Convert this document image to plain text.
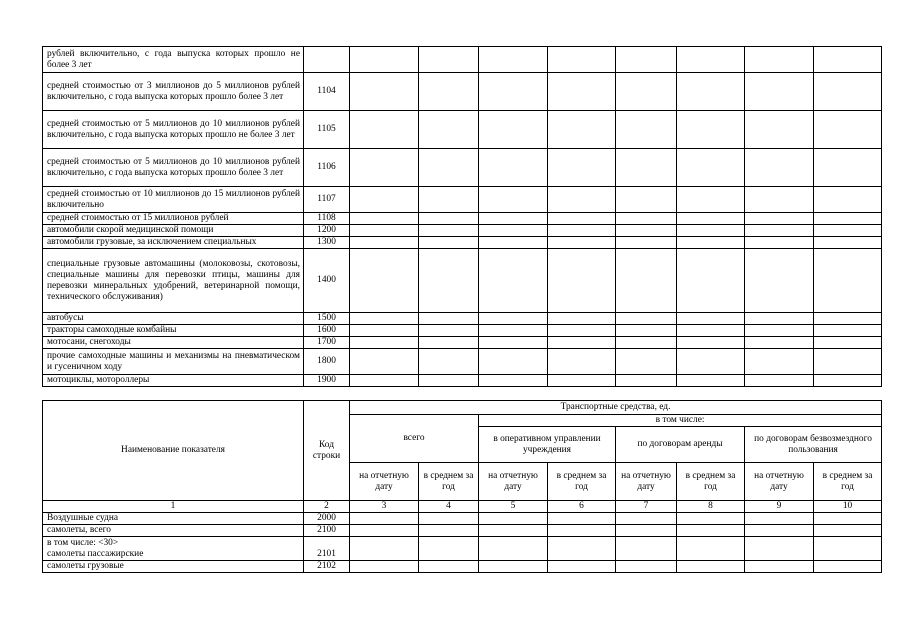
рублей включительно, с года выпуска которых прошло не более 3 лет									
средней стоимостью от 3 миллионов до 5 миллионов рублей включительно, с года выпуска которых прошло более 3 лет	1104								
средней стоимостью от 5 миллионов до 10 миллионов рублей включительно, с года выпуска которых прошло не более 3 лет	1105								
средней стоимостью от 5 миллионов до 10 миллионов рублей включительно, с года выпуска которых прошло более 3 лет	1106								
средней стоимостью от 10 миллионов до 15 миллионов рублей включительно	1107								
средней стоимостью от 15 миллионов рублей	1108								
автомобили скорой медицинской помощи	1200								
автомобили грузовые, за исключением специальных	1300								
специальные грузовые автомашины (молоковозы, скотовозы, специальные машины для перевозки птицы, машины для перевозки минеральных удобрений, ветеринарной помощи, технического обслуживания)	1400								
автобусы	1500								
тракторы самоходные комбайны	1600								
мотосани, снегоходы	1700								
прочие самоходные машины и механизмы на пневматическом и гусеничном ходу	1800								
мотоциклы, мотороллеры	1900								
Наименование показателя	Код строки	Транспортные средства, ед.							
		всего		в том числе:					
				в оперативном управлении учреждения		по договорам аренды		по договорам безвозмездного пользования	
		на отчетную дату	в среднем за год	на отчетную дату	в среднем за год	на отчетную дату	в среднем за год	на отчетную дату	в среднем за год
1	2	3	4	5	6	7	8	9	10

Воздушные судна	2000								

самолеты, всего	2100								

в том числе: <30>
самолеты пассажирские	2101								

самолеты грузовые	2102								
